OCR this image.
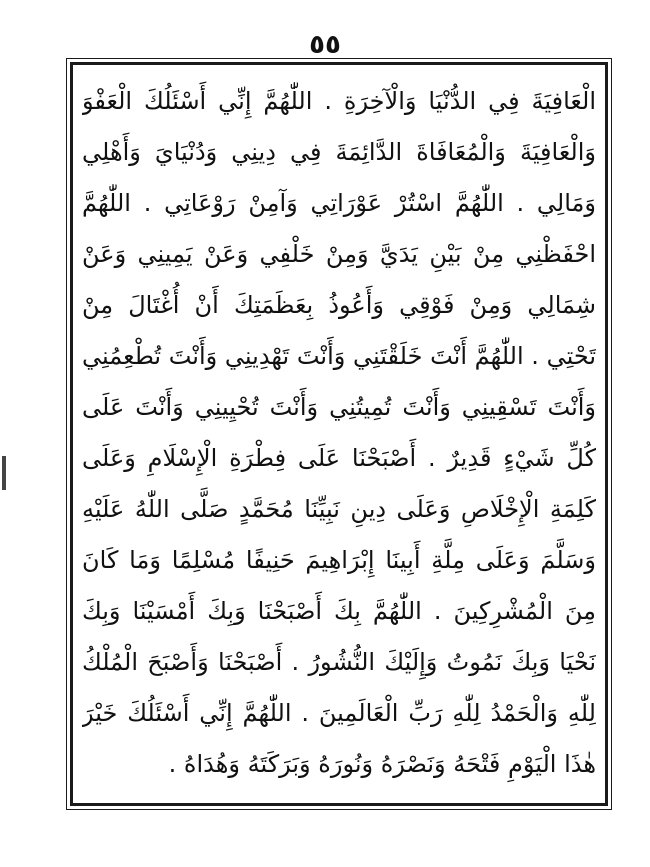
٥٥
الْعَافِيَةَ فِي الدُّنْيَا وَالْآخِرَةِ . اللّٰهُمَّ إِنِّي أَسْئَلُكَ الْعَفْوَ
وَالْعَافِيَةَ وَالْمُعَافَاةَ الدَّائِمَةَ فِي دِينِي وَدُنْيَايَ وَأَهْلِي
وَمَالِي . اللّٰهُمَّ اسْتُرْ عَوْرَاتِي وَآمِنْ رَوْعَاتِي . اللّٰهُمَّ
احْفَظْنِي مِنْ بَيْنِ يَدَيَّ وَمِنْ خَلْفِي وَعَنْ يَمِينِي وَعَنْ
شِمَالِي وَمِنْ فَوْقِي وَأَعُوذُ بِعَظَمَتِكَ أَنْ أُغْتَالَ مِنْ
تَحْتِي . اللّٰهُمَّ أَنْتَ خَلَقْتَنِي وَأَنْتَ تَهْدِينِي وَأَنْتَ تُطْعِمُنِي
وَأَنْتَ تَسْقِينِي وَأَنْتَ تُمِيتُنِي وَأَنْتَ تُحْيِينِي وَأَنْتَ عَلَى
كُلِّ شَيْءٍ قَدِيرٌ . أَصْبَحْنَا عَلَى فِطْرَةِ الْإِسْلَامِ وَعَلَى
كَلِمَةِ الْإِخْلَاصِ وَعَلَى دِينِ نَبِيِّنَا مُحَمَّدٍ صَلَّى اللّٰهُ عَلَيْهِ
وَسَلَّمَ وَعَلَى مِلَّةِ أَبِينَا إِبْرَاهِيمَ حَنِيفًا مُسْلِمًا وَمَا كَانَ
مِنَ الْمُشْرِكِينَ . اللّٰهُمَّ بِكَ أَصْبَحْنَا وَبِكَ أَمْسَيْنَا وَبِكَ
نَحْيَا وَبِكَ نَمُوتُ وَإِلَيْكَ النُّشُورُ . أَصْبَحْنَا وَأَصْبَحَ الْمُلْكُ
لِلّٰهِ وَالْحَمْدُ لِلّٰهِ رَبِّ الْعَالَمِينَ . اللّٰهُمَّ إِنِّي أَسْئَلُكَ خَيْرَ
هٰذَا الْيَوْمِ فَتْحَهُ وَنَصْرَهُ وَنُورَهُ وَبَرَكَتَهُ وَهُدَاهُ .
